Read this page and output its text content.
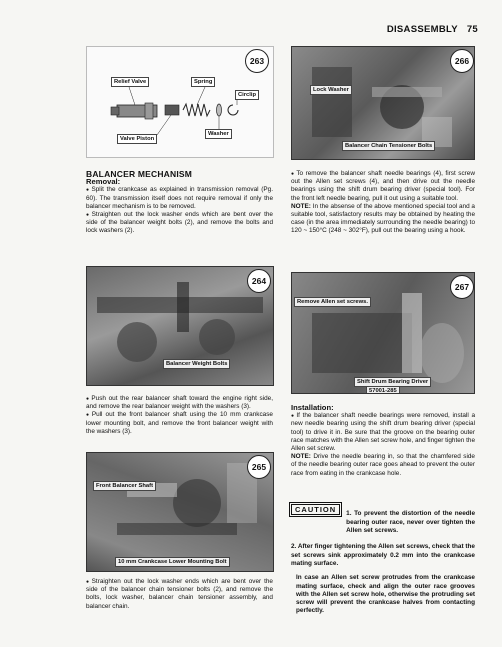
DISASSEMBLY 75
263
Relief Valve	Spring
Circlip
Valve Piston
Washer
266
Lock Washer
Balancer Chain Tensioner Bolts
BALANCER MECHANISM
Removal:

● Split the crankcase as explained in transmission removal (Pg. 60). The transmission itself does not require removal if only the balancer mechanism is to be removed.

● Straighten out the lock washer ends which are bent over the side of the balancer weight bolts (2), and remove the bolts and lock washers (2).

● To remove the balancer shaft needle bearings (4), first screw out the Allen set screws (4), and then drive out the needle bearings using the shift drum bearing driver (special tool). For the front left needle bearing, pull it out using a suitable tool.

NOTE: In the absense of the above mentioned special tool and a suitable tool, satisfactory results may be obtained by heating the case (in the area immediately surrounding the needle bearing) to 120 ~ 150°C (248 ~ 302°F), pull out the bearing using a hook.

264
Balancer Weight Bolts
267
Remove Allen set screws.
Shift Drum Bearing Driver
57001-285

● Push out the rear balancer shaft toward the engine right side, and remove the rear balancer weight with the washers (3).

● Pull out the front balancer shaft using the 10 mm crankcase lower mounting bolt, and remove the front balancer weight with the washers (3).

265
Front Balancer Shaft
10 mm Crankcase Lower Mounting Bolt

● Straighten out the lock washer ends which are bent over the side of the balancer chain tensioner bolts (2), and remove the bolts, lock washer, balancer chain tensioner assembly, and balancer chain.

Installation:

● If the balancer shaft needle bearings were removed, install a new needle bearing using the shift drum bearing driver (special tool) to drive it in. Be sure that the groove on the bearing outer race matches with the Allen set screw hole, and finger tighten the Allen set screw.

NOTE: Drive the needle bearing in, so that the chamfered side of the needle bearing outer race goes ahead to prevent the outer race from eating in the crankcase hole.

CAUTION	1. To prevent the distortion of the needle bearing outer race, never over tighten the Allen set screws.

2. After finger tightening the Allen set screws, check that the set screws sink approximately 0.2 mm into the crankcase mating surface.

In case an Allen set screw protrudes from the crankcase mating surface, check and align the outer race grooves with the Allen set screw hole, otherwise the protruding set screw will prevent the crankcase halves from contacting perfectly.
